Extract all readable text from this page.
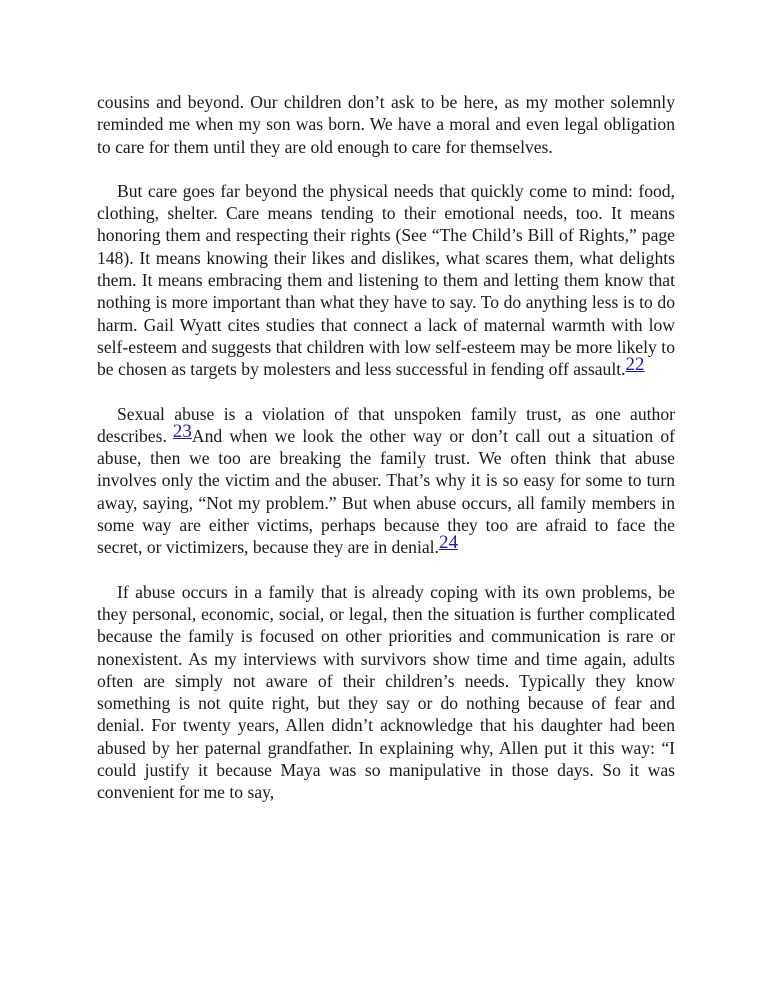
cousins and beyond. Our children don’t ask to be here, as my mother solemnly reminded me when my son was born. We have a moral and even legal obligation to care for them until they are old enough to care for themselves.

But care goes far beyond the physical needs that quickly come to mind: food, clothing, shelter. Care means tending to their emotional needs, too. It means honoring them and respecting their rights (See “The Child’s Bill of Rights,” page 148). It means knowing their likes and dislikes, what scares them, what delights them. It means embracing them and listening to them and letting them know that nothing is more important than what they have to say. To do anything less is to do harm. Gail Wyatt cites studies that connect a lack of maternal warmth with low self-esteem and suggests that children with low self-esteem may be more likely to be chosen as targets by molesters and less successful in fending off assault.22

Sexual abuse is a violation of that unspoken family trust, as one author describes. 23And when we look the other way or don’t call out a situation of abuse, then we too are breaking the family trust. We often think that abuse involves only the victim and the abuser. That’s why it is so easy for some to turn away, saying, “Not my problem.” But when abuse occurs, all family members in some way are either victims, perhaps because they too are afraid to face the secret, or victimizers, because they are in denial.24

If abuse occurs in a family that is already coping with its own problems, be they personal, economic, social, or legal, then the situation is further complicated because the family is focused on other priorities and communication is rare or nonexistent. As my interviews with survivors show time and time again, adults often are simply not aware of their children’s needs. Typically they know something is not quite right, but they say or do nothing because of fear and denial. For twenty years, Allen didn’t acknowledge that his daughter had been abused by her paternal grandfather. In explaining why, Allen put it this way: “I could justify it because Maya was so manipulative in those days. So it was convenient for me to say,
